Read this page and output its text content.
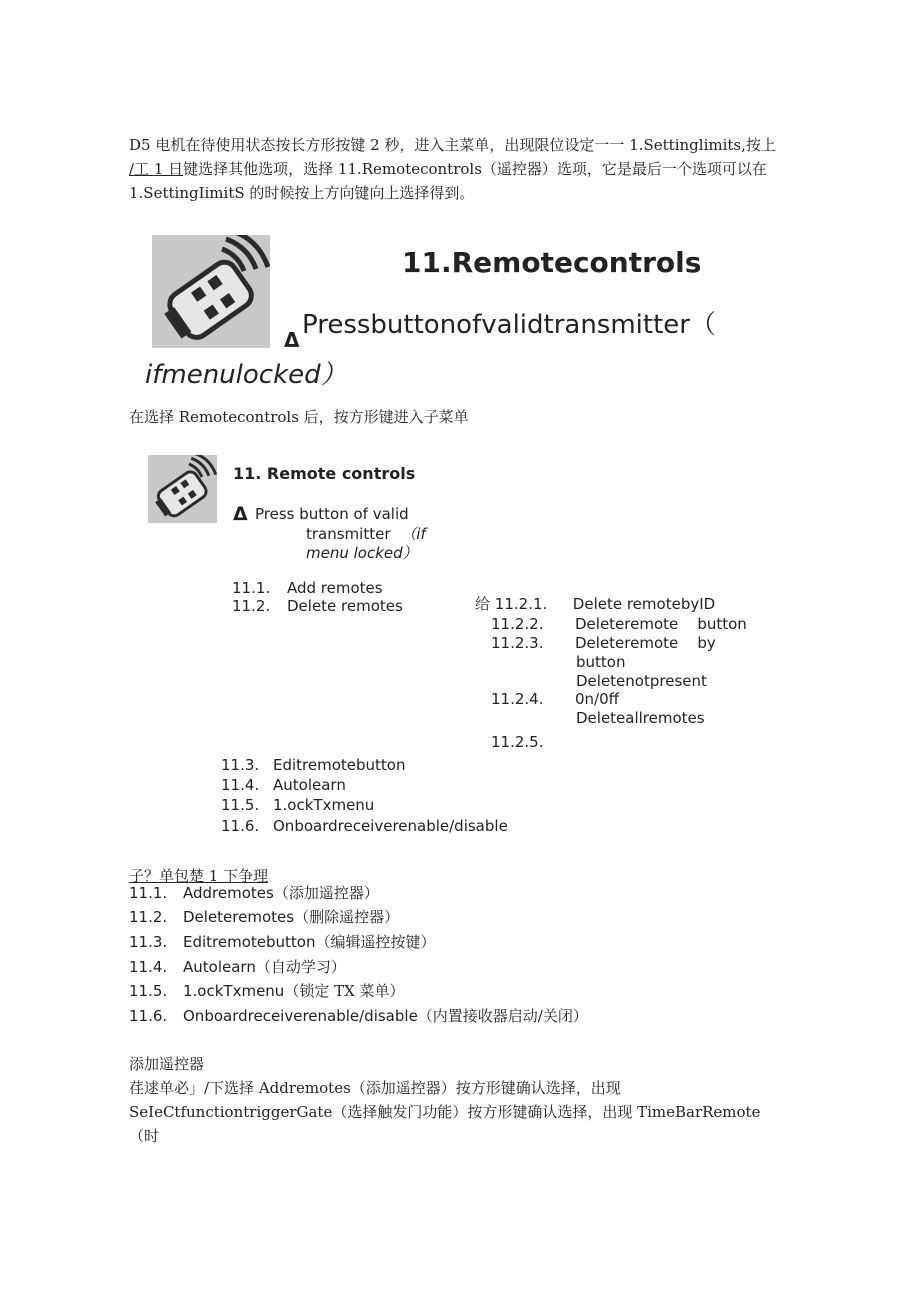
D5 电机在待使用状态按长方形按键 2 秒，进入主菜单，出现限位设定一一 1.Settinglimits,按上
/工 1 日键选择其他选项，选择 11.Remotecontrols（遥控器）选项，它是最后一个选项可以在
1.SettingIimitS 的时候按上方向键向上选择得到。
11.Remotecontrols
Δ Pressbuttonofvalidtransmitter（
ifmenulocked）
在选择 Remotecontrols 后，按方形键进入子菜单
11. Remote controls
Δ Press button of valid
transmitter （if
menu locked）
11.1. Add remotes
11.2. Delete remotes	给 11.2.1. Delete remotebyID
11.2.2. Deleteremote    button
11.2.3. Deleteremote    by
button
Deletenotpresent
11.2.4. 0n/0ff
Deleteallremotes
11.2.5.
11.3. Editremotebutton
11.4. Autolearn
11.5. 1.ockTxmenu
11.6. Onboardreceiverenable/disable
子？单包楚 1 下争理
11.1. Addremotes（添加遥控器）
11.2. Deleteremotes（删除遥控器）
11.3. Editremotebutton（编辑遥控按键）
11.4. Autolearn（自动学习）
11.5. 1.ockTxmenu（锁定 TX 菜单）
11.6. Onboardreceiverenable/disable（内置接收器启动/关闭）
添加遥控器
荏逑单必」/下选择 Addremotes（添加遥控器）按方形键确认选择，出现
SeIeCtfunctiontriggerGate（选择触发门功能）按方形键确认选择，出现 TimeBarRemote
（时
